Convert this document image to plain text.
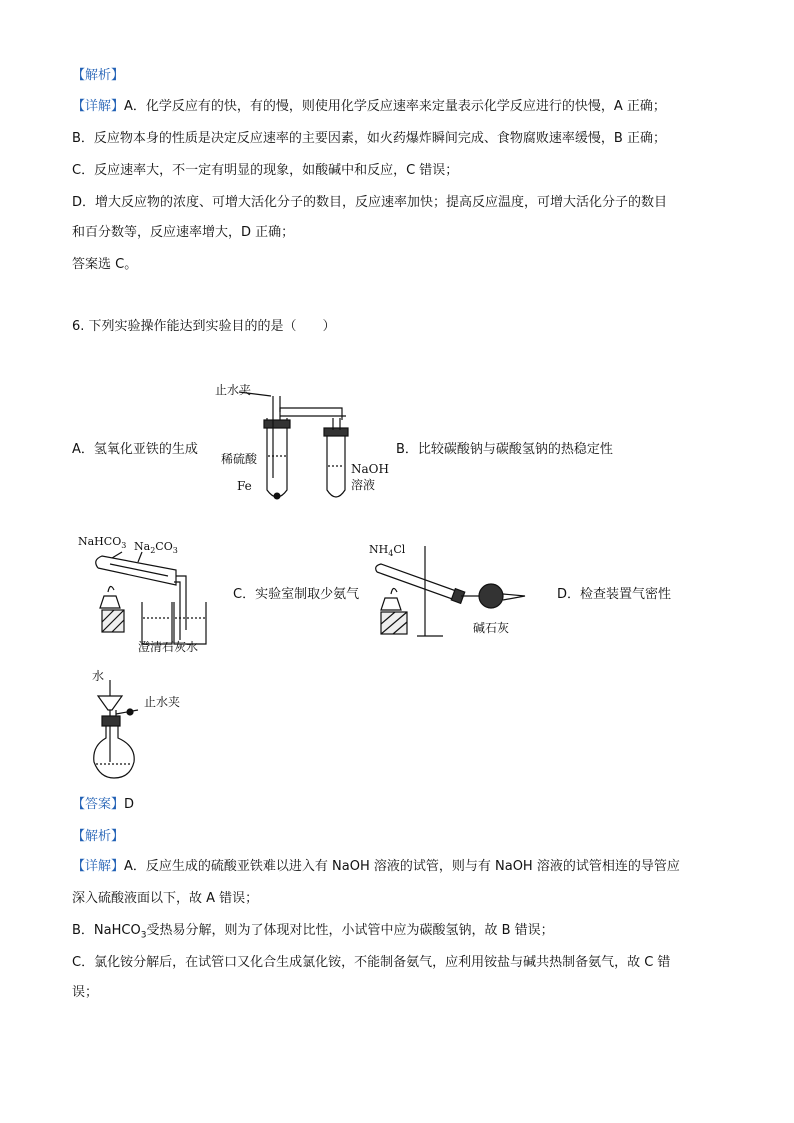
【解析】
【详解】A．化学反应有的快，有的慢，则使用化学反应速率来定量表示化学反应进行的快慢，A 正确；
B．反应物本身的性质是决定反应速率的主要因素，如火药爆炸瞬间完成、食物腐败速率缓慢，B 正确；
C．反应速率大，不一定有明显的现象，如酸碱中和反应，C 错误；
D．增大反应物的浓度、可增大活化分子的数目，反应速率加快；提高反应温度，可增大活化分子的数目
和百分数等，反应速率增大，D 正确；
答案选 C。
6. 下列实验操作能达到实验目的的是（　　）
A．氢氧化亚铁的生成	B．比较碳酸钠与碳酸氢钠的热稳定性
C．实验室制取少氨气	D．检查装置气密性
止水夹
稀硫酸
Fe
NaOH
溶液
NaHCO$_3$ $Na_2CO_3$
澄清石灰水
$NH_4Cl$
碱石灰
水
止水夹
【答案】D
【解析】
【详解】A．反应生成的硫酸亚铁难以进入有 NaOH 溶液的试管，则与有 NaOH 溶液的试管相连的导管应
深入硫酸液面以下，故 A 错误；
B．NaHCO$_3$受热易分解，则为了体现对比性，小试管中应为碳酸氢钠，故 B 错误；
C．氯化铵分解后，在试管口又化合生成氯化铵，不能制备氨气，应利用铵盐与碱共热制备氨气，故 C 错
误；
